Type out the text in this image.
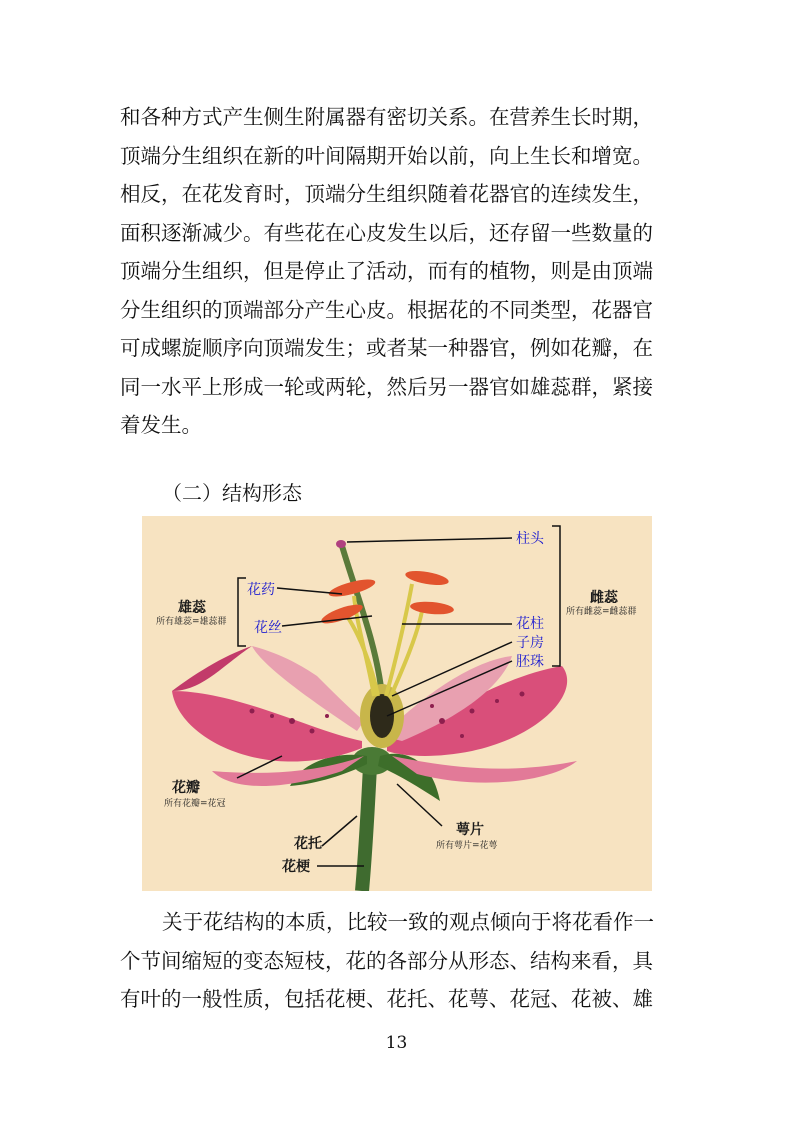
和各种方式产生侧生附属器有密切关系。在营养生长时期，
顶端分生组织在新的叶间隔期开始以前，向上生长和增宽。
相反，在花发育时，顶端分生组织随着花器官的连续发生，
面积逐渐减少。有些花在心皮发生以后，还存留一些数量的
顶端分生组织，但是停止了活动，而有的植物，则是由顶端
分生组织的顶端部分产生心皮。根据花的不同类型，花器官
可成螺旋顺序向顶端发生；或者某一种器官，例如花瓣，在
同一水平上形成一轮或两轮，然后另一器官如雄蕊群，紧接
着发生。
（二）结构形态
柱头
花药
花丝
雄蕊
所有雄蕊=雄蕊群
雌蕊
所有雌蕊=雌蕊群
花柱
子房
胚珠
花瓣
所有花瓣=花冠
萼片
所有萼片=花萼
花托
花梗
关于花结构的本质，比较一致的观点倾向于将花看作一
个节间缩短的变态短枝，花的各部分从形态、结构来看，具
有叶的一般性质，包括花梗、花托、花萼、花冠、花被、雄
13
